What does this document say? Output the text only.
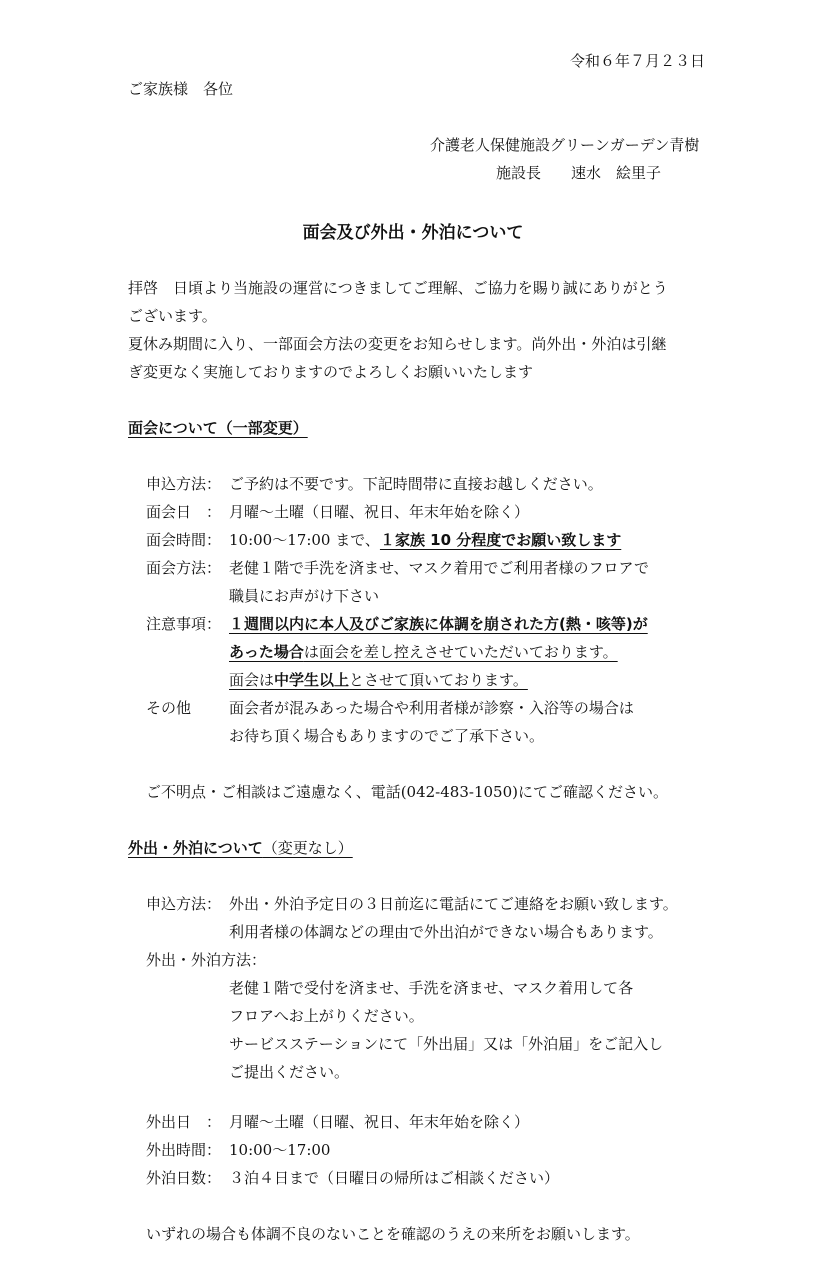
令和６年７月２３日
ご家族様　各位
介護老人保健施設グリーンガーデン青樹
施設長　　速水　絵里子
面会及び外出・外泊について
拝啓　日頃より当施設の運営につきましてご理解、ご協力を賜り誠にありがとう
ございます。
夏休み期間に入り、一部面会方法の変更をお知らせします。尚外出・外泊は引継
ぎ変更なく実施しておりますのでよろしくお願いいたします
面会について（一部変更）
申込方法： ご予約は不要です。下記時間帯に直接お越しください。
面会日　： 月曜～土曜（日曜、祝日、年末年始を除く）
面会時間： 10:00～17:00 まで、１家族 10 分程度でお願い致します
面会方法： 老健１階で手洗を済ませ、マスク着用でご利用者様のフロアで
職員にお声がけ下さい
注意事項： １週間以内に本人及びご家族に体調を崩された方(熱・咳等)が
あった場合は面会を差し控えさせていただいております。
面会は中学生以上とさせて頂いております。
その他	面会者が混みあった場合や利用者様が診察・入浴等の場合は
お待ち頂く場合もありますのでご了承下さい。
ご不明点・ご相談はご遠慮なく、電話(042-483-1050)にてご確認ください。
外出・外泊について（変更なし）
申込方法： 外出・外泊予定日の３日前迄に電話にてご連絡をお願い致します。
利用者様の体調などの理由で外出泊ができない場合もあります。
外出・外泊方法：
老健１階で受付を済ませ、手洗を済ませ、マスク着用して各
フロアへお上がりください。
サービスステーションにて「外出届」又は「外泊届」をご記入し
ご提出ください。
外出日　： 月曜～土曜（日曜、祝日、年末年始を除く）
外出時間： 10:00～17:00
外泊日数： ３泊４日まで（日曜日の帰所はご相談ください）
いずれの場合も体調不良のないことを確認のうえの来所をお願いします。
